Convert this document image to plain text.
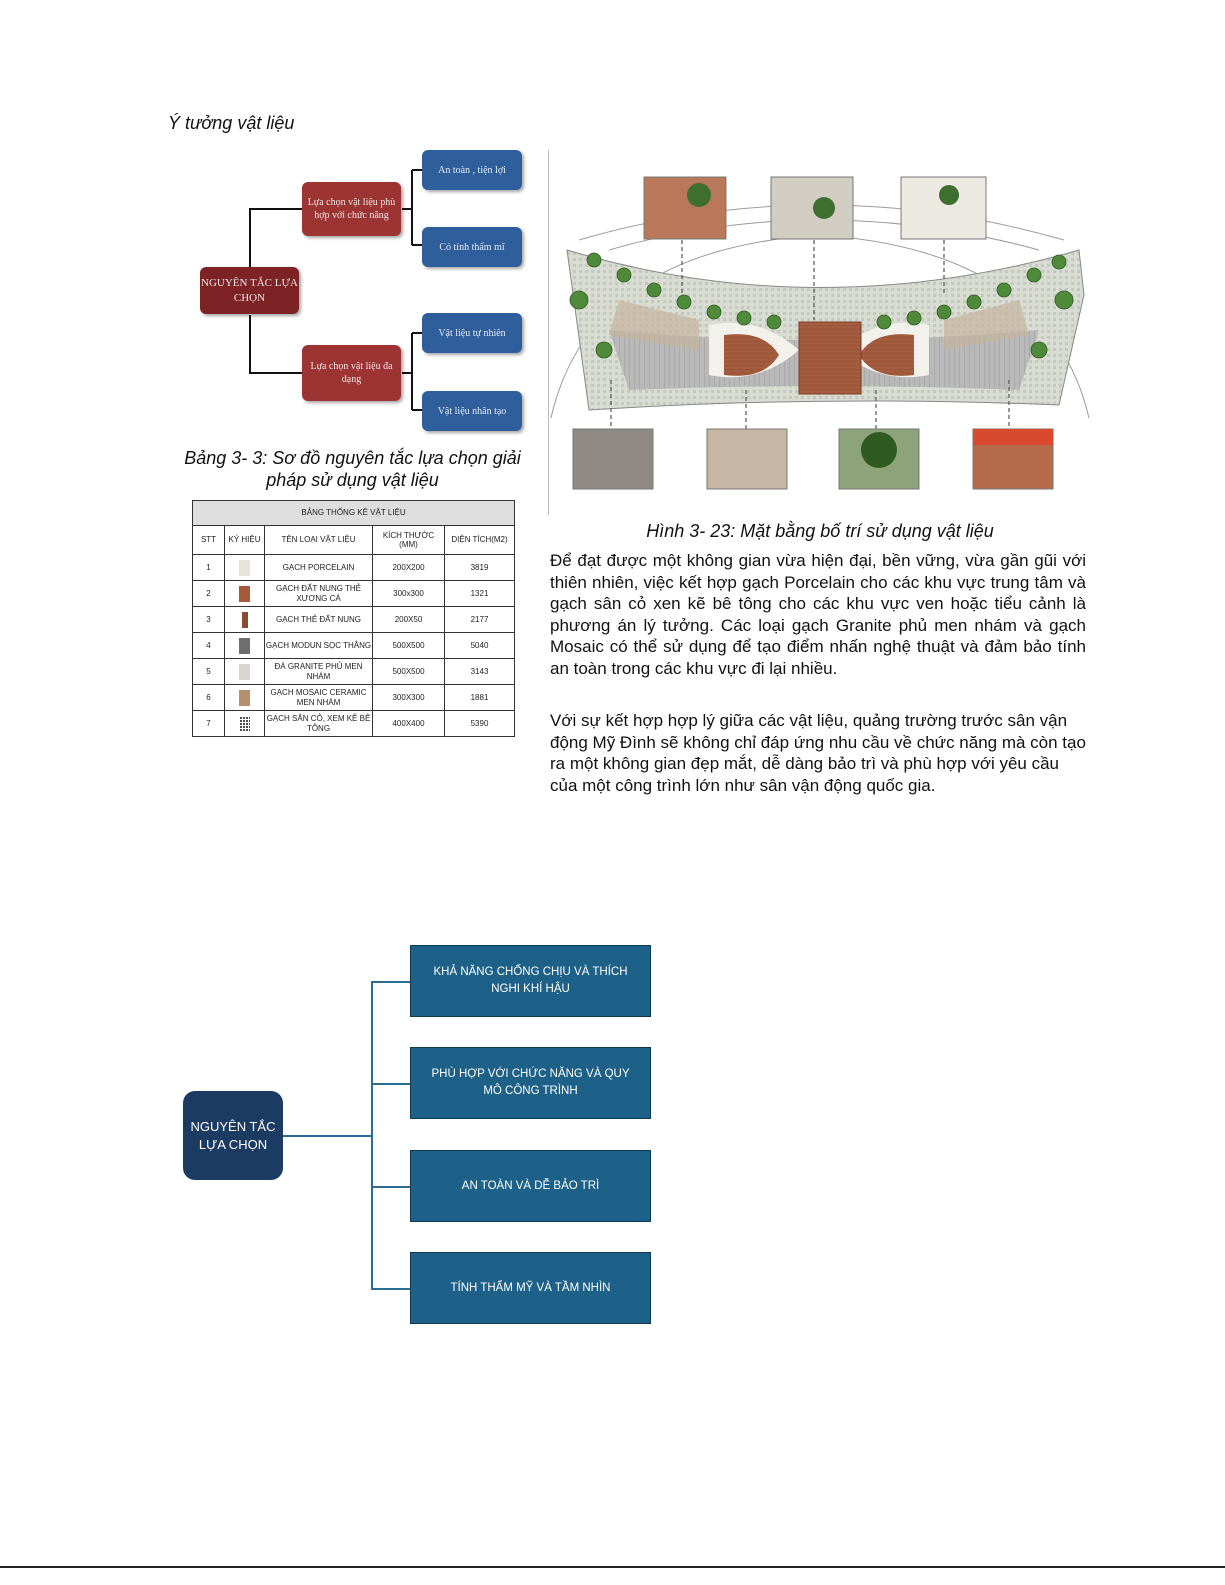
Ý tưởng vật liệu
NGUYÊN TẮC LỰA CHỌN
Lựa chọn vật liệu phù hợp với chức năng
Lựa chọn vật liệu đa dạng
An toàn , tiện lợi
Có tính thẩm mĩ
Vật liệu tự nhiên
Vật liệu nhân tạo
Bảng 3- 3: Sơ đồ nguyên tắc lựa chọn giải pháp sử dụng vật liệu
BẢNG THỐNG KÊ VẬT LIỆU				
STT	KÝ HIỆU	TÊN LOẠI VẬT LIỆU	KÍCH THƯỚC (MM)	DIỆN TÍCH(M2)
1		GẠCH PORCELAIN	200X200	3819
2		GẠCH ĐẤT NUNG THẺ XƯƠNG CÁ	300x300	1321
3		GẠCH THẺ ĐẤT NUNG	200X50	2177
4		GẠCH MODUN SỌC THẲNG	500X500	5040
5		ĐÁ GRANITE PHỦ MEN NHÁM	500X500	3143
6		GẠCH MOSAIC CERAMIC MEN NHÁM	300X300	1881
7		GẠCH SÂN CỎ, XEM KẼ BÊ TÔNG	400X400	5390
Hình 3- 23: Mặt bằng bố trí sử dụng vật liệu
Để đạt được một không gian vừa hiện đại, bền vững, vừa gần gũi với thiên nhiên, việc kết hợp gạch Porcelain cho các khu vực trung tâm và gạch sân cỏ xen kẽ bê tông cho các khu vực ven hoặc tiểu cảnh là phương án lý tưởng. Các loại gạch Granite phủ men nhám và gạch Mosaic có thể sử dụng để tạo điểm nhấn nghệ thuật và đảm bảo tính an toàn trong các khu vực đi lại nhiều.
Với sự kết hợp hợp lý giữa các vật liệu, quảng trường trước sân vận động Mỹ Đình sẽ không chỉ đáp ứng nhu cầu về chức năng mà còn tạo ra một không gian đẹp mắt, dễ dàng bảo trì và phù hợp với yêu cầu của một công trình lớn như sân vận động quốc gia.
NGUYÊN TẮC LỰA CHỌN
KHẢ NĂNG CHỐNG CHỊU VÀ THÍCH NGHI KHÍ HẬU
PHÙ HỢP VỚI CHỨC NĂNG VÀ QUY MÔ CÔNG TRÌNH
AN TOÀN VÀ DỄ BẢO TRÌ
TÍNH THẨM MỸ VÀ TẦM NHÌN
